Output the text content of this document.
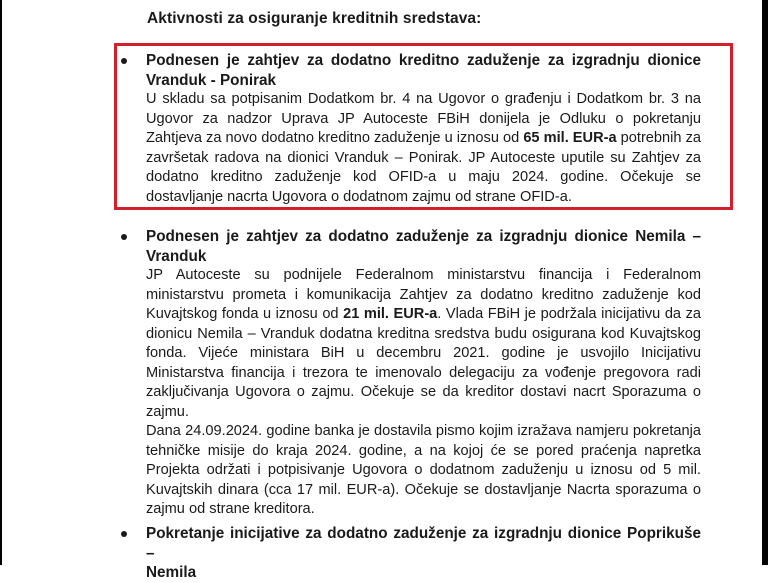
Aktivnosti za osiguranje kreditnih sredstava:
Podnesen je zahtjev za dodatno kreditno zaduženje za izgradnju dionice
Vranduk - Ponirak
U skladu sa potpisanim Dodatkom br. 4 na Ugovor o građenju i Dodatkom br. 3 na Ugovor za nadzor Uprava JP Autoceste FBiH donijela je Odluku o pokretanju Zahtjeva za novo dodatno kreditno zaduženje u iznosu od 65 mil. EUR-a potrebnih za završetak radova na dionici Vranduk – Ponirak. JP Autoceste uputile su Zahtjev za dodatno kreditno zaduženje kod OFID-a u maju 2024. godine. Očekuje se dostavljanje nacrta Ugovora o dodatnom zajmu od strane OFID-a.
Podnesen je zahtjev za dodatno zaduženje za izgradnju dionice Nemila –
Vranduk
JP Autoceste su podnijele Federalnom ministarstvu financija i Federalnom ministarstvu prometa i komunikacija Zahtjev za dodatno kreditno zaduženje kod Kuvajtskog fonda u iznosu od 21 mil. EUR-a. Vlada FBiH je podržala inicijativu da za dionicu Nemila – Vranduk dodatna kreditna sredstva budu osigurana kod Kuvajtskog fonda. Vijeće ministara BiH u decembru 2021. godine je usvojilo Inicijativu Ministarstva financija i trezora te imenovalo delegaciju za vođenje pregovora radi zaključivanja Ugovora o zajmu. Očekuje se da kreditor dostavi nacrt Sporazuma o zajmu.
Dana 24.09.2024. godine banka je dostavila pismo kojim izražava namjeru pokretanja tehničke misije do kraja 2024. godine, a na kojoj će se pored praćenja napretka Projekta održati i potpisivanje Ugovora o dodatnom zaduženju u iznosu od 5 mil. Kuvajtskih dinara (cca 17 mil. EUR-a). Očekuje se dostavljanje Nacrta sporazuma o zajmu od strane kreditora.
Pokretanje inicijative za dodatno zaduženje za izgradnju dionice Poprikuše –
Nemila
